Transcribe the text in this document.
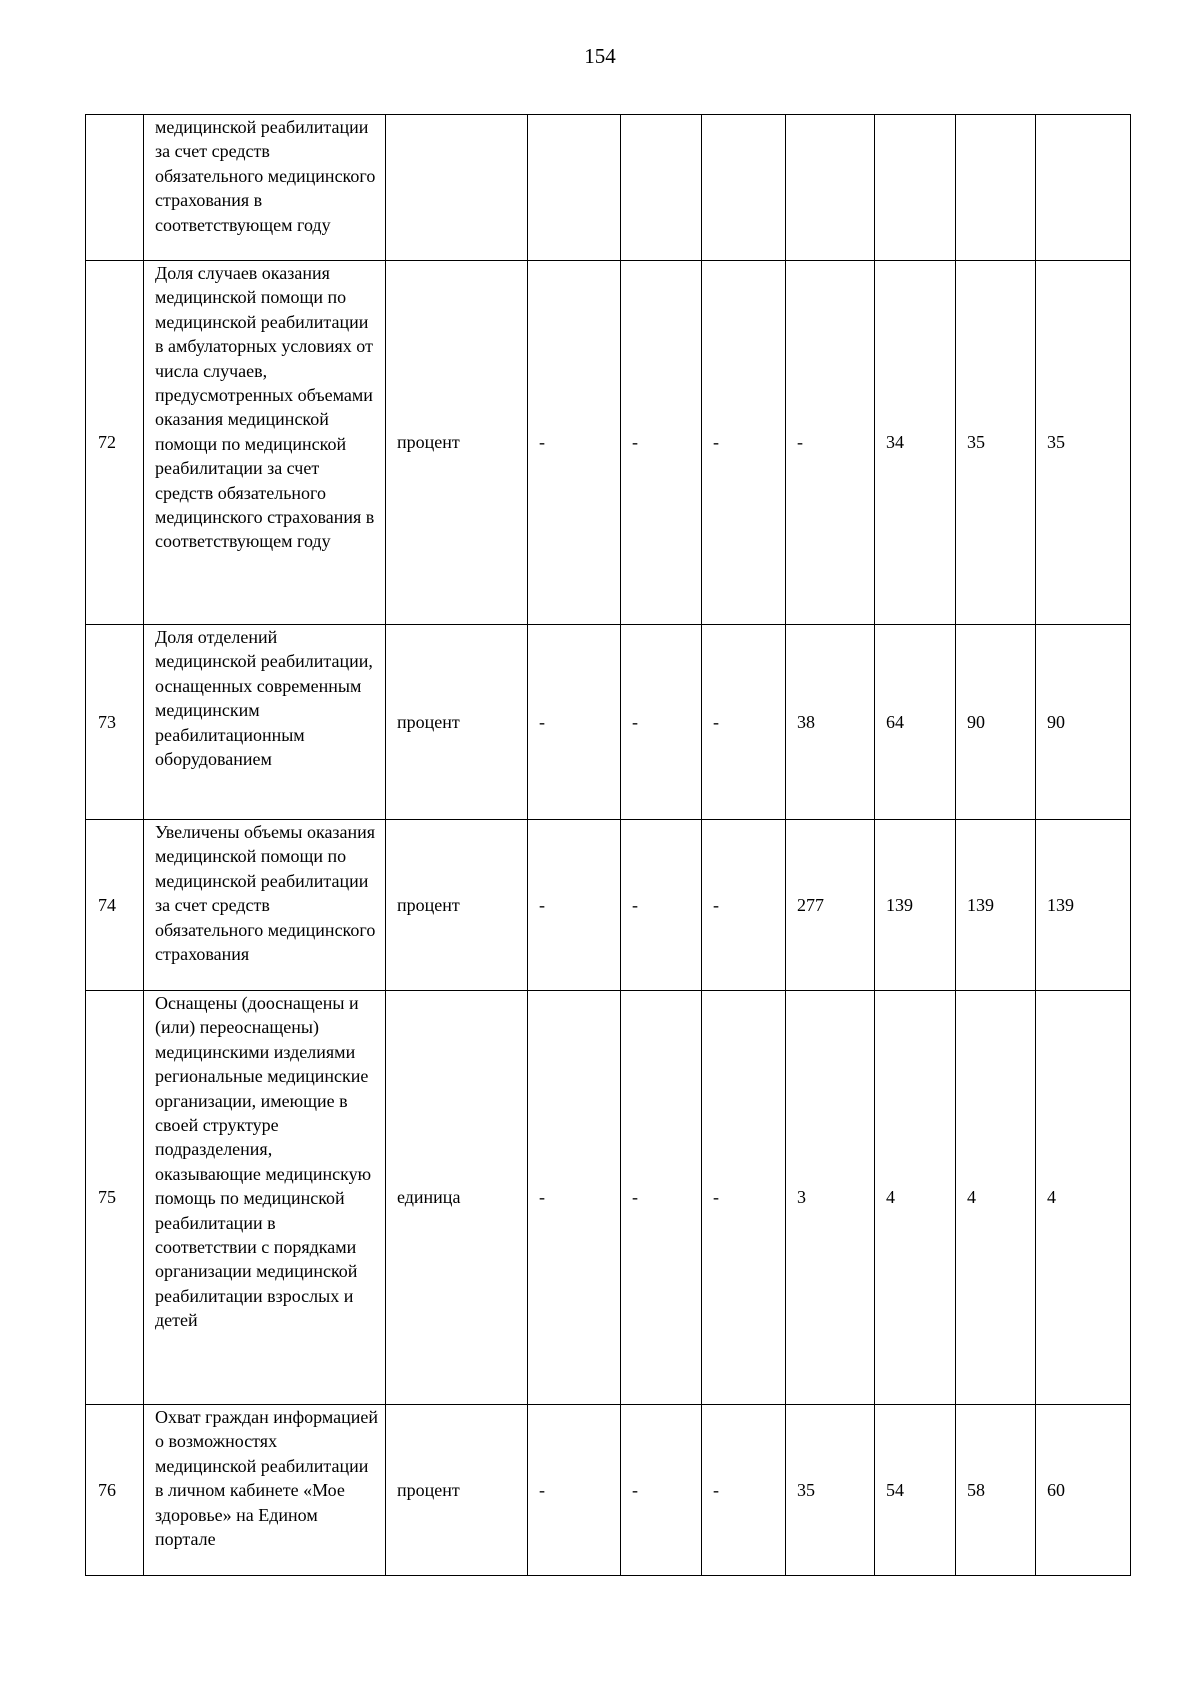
154
	медицинской реабилитации за счет средств обязательного медицинского страхования в соответствующем году								
72	Доля случаев оказания медицинской помощи по медицинской реабилитации в амбулаторных условиях от числа случаев, предусмотренных объемами оказания медицинской помощи по медицинской реабилитации за счет средств обязательного медицинского страхования в соответствующем году	процент	-	-	-	-	34	35	35
73	Доля отделений медицинской реабилитации, оснащенных современным медицинским реабилитационным оборудованием	процент	-	-	-	38	64	90	90
74	Увеличены объемы оказания медицинской помощи по медицинской реабилитации за счет средств обязательного медицинского страхования	процент	-	-	-	277	139	139	139
75	Оснащены (дооснащены и (или) переоснащены) медицинскими изделиями региональные медицинские организации, имеющие в своей структуре подразделения, оказывающие медицинскую помощь по медицинской реабилитации в соответствии с порядками организации медицинской реабилитации взрослых и детей	единица	-	-	-	3	4	4	4
76	Охват граждан информацией о возможностях медицинской реабилитации в личном кабинете «Мое здоровье» на Едином портале	процент	-	-	-	35	54	58	60
